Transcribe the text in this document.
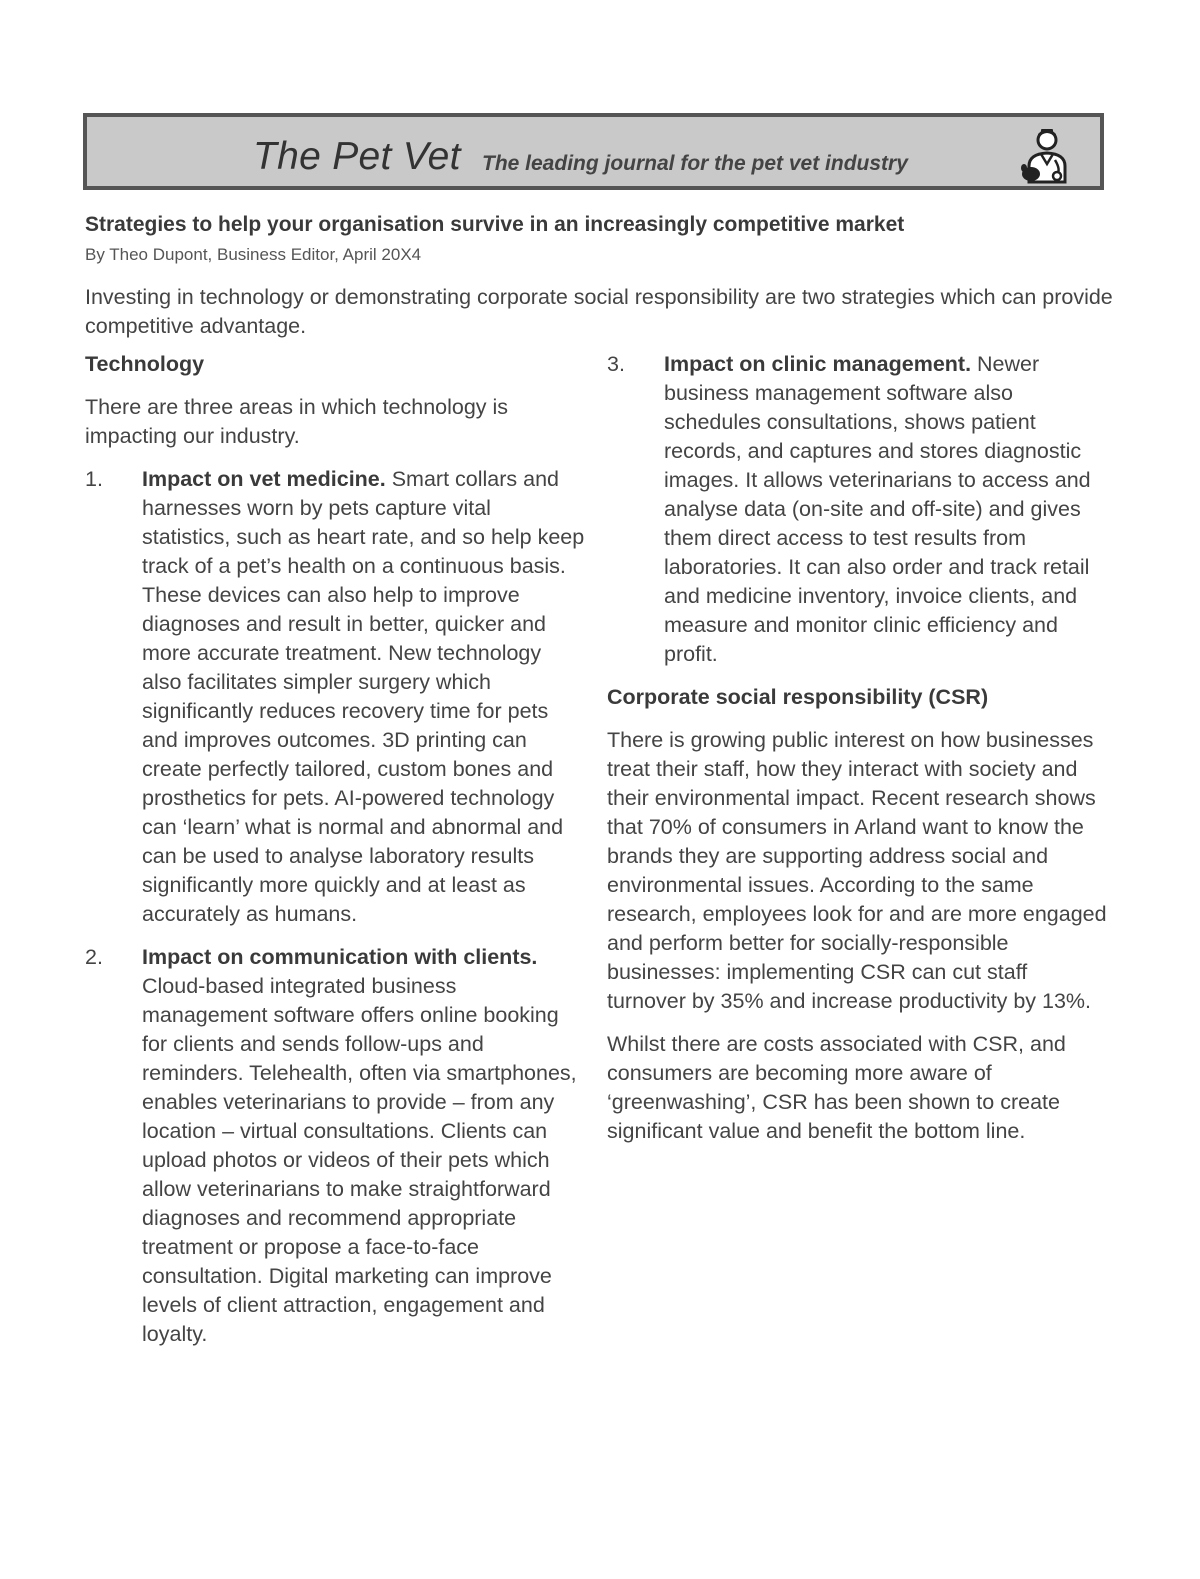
The Pet Vet The leading journal for the pet vet industry
Strategies to help your organisation survive in an increasingly competitive market
By Theo Dupont, Business Editor, April 20X4
Investing in technology or demonstrating corporate social responsibility are two strategies which can provide competitive advantage.
Technology
There are three areas in which technology is impacting our industry.
1. Impact on vet medicine. Smart collars and harnesses worn by pets capture vital statistics, such as heart rate, and so help keep track of a pet’s health on a continuous basis. These devices can also help to improve diagnoses and result in better, quicker and more accurate treatment. New technology also facilitates simpler surgery which significantly reduces recovery time for pets and improves outcomes. 3D printing can create perfectly tailored, custom bones and prosthetics for pets. AI-powered technology can ‘learn’ what is normal and abnormal and can be used to analyse laboratory results significantly more quickly and at least as accurately as humans.
2. Impact on communication with clients. Cloud-based integrated business management software offers online booking for clients and sends follow-ups and reminders. Telehealth, often via smartphones, enables veterinarians to provide – from any location – virtual consultations. Clients can upload photos or videos of their pets which allow veterinarians to make straightforward diagnoses and recommend appropriate treatment or propose a face-to-face consultation. Digital marketing can improve levels of client attraction, engagement and loyalty.
3. Impact on clinic management. Newer business management software also schedules consultations, shows patient records, and captures and stores diagnostic images. It allows veterinarians to access and analyse data (on-site and off-site) and gives them direct access to test results from laboratories. It can also order and track retail and medicine inventory, invoice clients, and measure and monitor clinic efficiency and profit.
Corporate social responsibility (CSR)
There is growing public interest on how businesses treat their staff, how they interact with society and their environmental impact. Recent research shows that 70% of consumers in Arland want to know the brands they are supporting address social and environmental issues. According to the same research, employees look for and are more engaged and perform better for socially-responsible businesses: implementing CSR can cut staff turnover by 35% and increase productivity by 13%.
Whilst there are costs associated with CSR, and consumers are becoming more aware of ‘greenwashing’, CSR has been shown to create significant value and benefit the bottom line.
